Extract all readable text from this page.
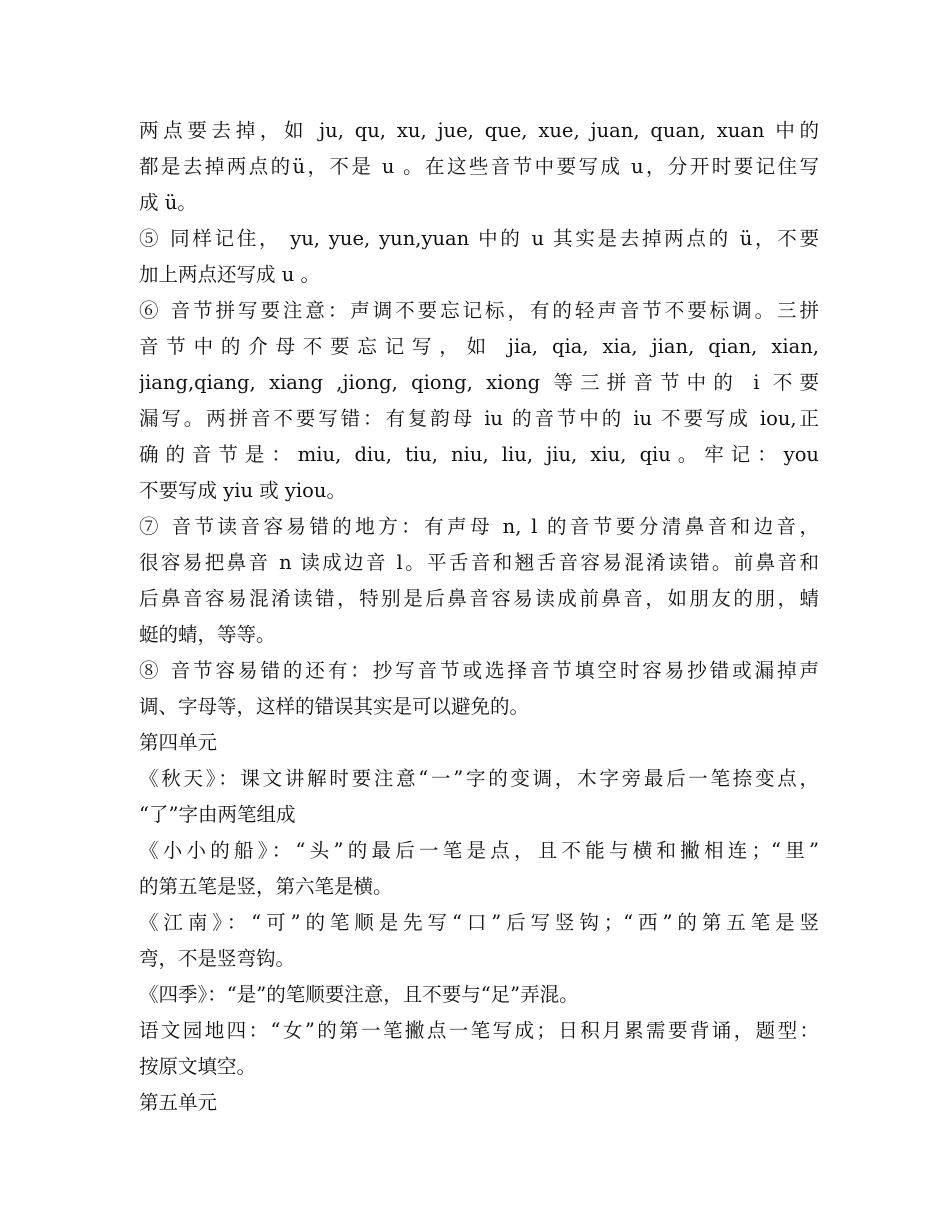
两点要去掉，如 ju, qu, xu, jue, que, xue, juan, quan, xuan 中的
都是去掉两点的ü，不是 u 。在这些音节中要写成 u，分开时要记住写
成 ü。
⑤ 同样记住， yu, yue, yun,yuan 中的 u 其实是去掉两点的 ü，不要
加上两点还写成 u 。
⑥ 音节拼写要注意：声调不要忘记标，有的轻声音节不要标调。三拼
音节中的介母不要忘记写，如 jia, qia, xia, jian, qian, xian,
jiang,qiang, xiang ,jiong, qiong, xiong 等三拼音节中的 i 不要
漏写。两拼音不要写错：有复韵母 iu 的音节中的 iu 不要写成 iou,正
确的音节是：miu, diu, tiu, niu, liu, jiu, xiu, qiu。牢记：you
不要写成 yiu 或 yiou。
⑦ 音节读音容易错的地方：有声母 n, l 的音节要分清鼻音和边音，
很容易把鼻音 n 读成边音 l。平舌音和翘舌音容易混淆读错。前鼻音和
后鼻音容易混淆读错，特别是后鼻音容易读成前鼻音，如朋友的朋，蜻
蜓的蜻，等等。
⑧ 音节容易错的还有：抄写音节或选择音节填空时容易抄错或漏掉声
调、字母等，这样的错误其实是可以避免的。
第四单元
《秋天》：课文讲解时要注意“一”字的变调，木字旁最后一笔捺变点，
“了”字由两笔组成
《小小的船》：“头”的最后一笔是点，且不能与横和撇相连；“里”
的第五笔是竖，第六笔是横。
《江南》：“可”的笔顺是先写“口”后写竖钩；“西”的第五笔是竖
弯，不是竖弯钩。
《四季》：“是”的笔顺要注意，且不要与“足”弄混。
语文园地四：“女”的第一笔撇点一笔写成；日积月累需要背诵，题型：
按原文填空。
第五单元
